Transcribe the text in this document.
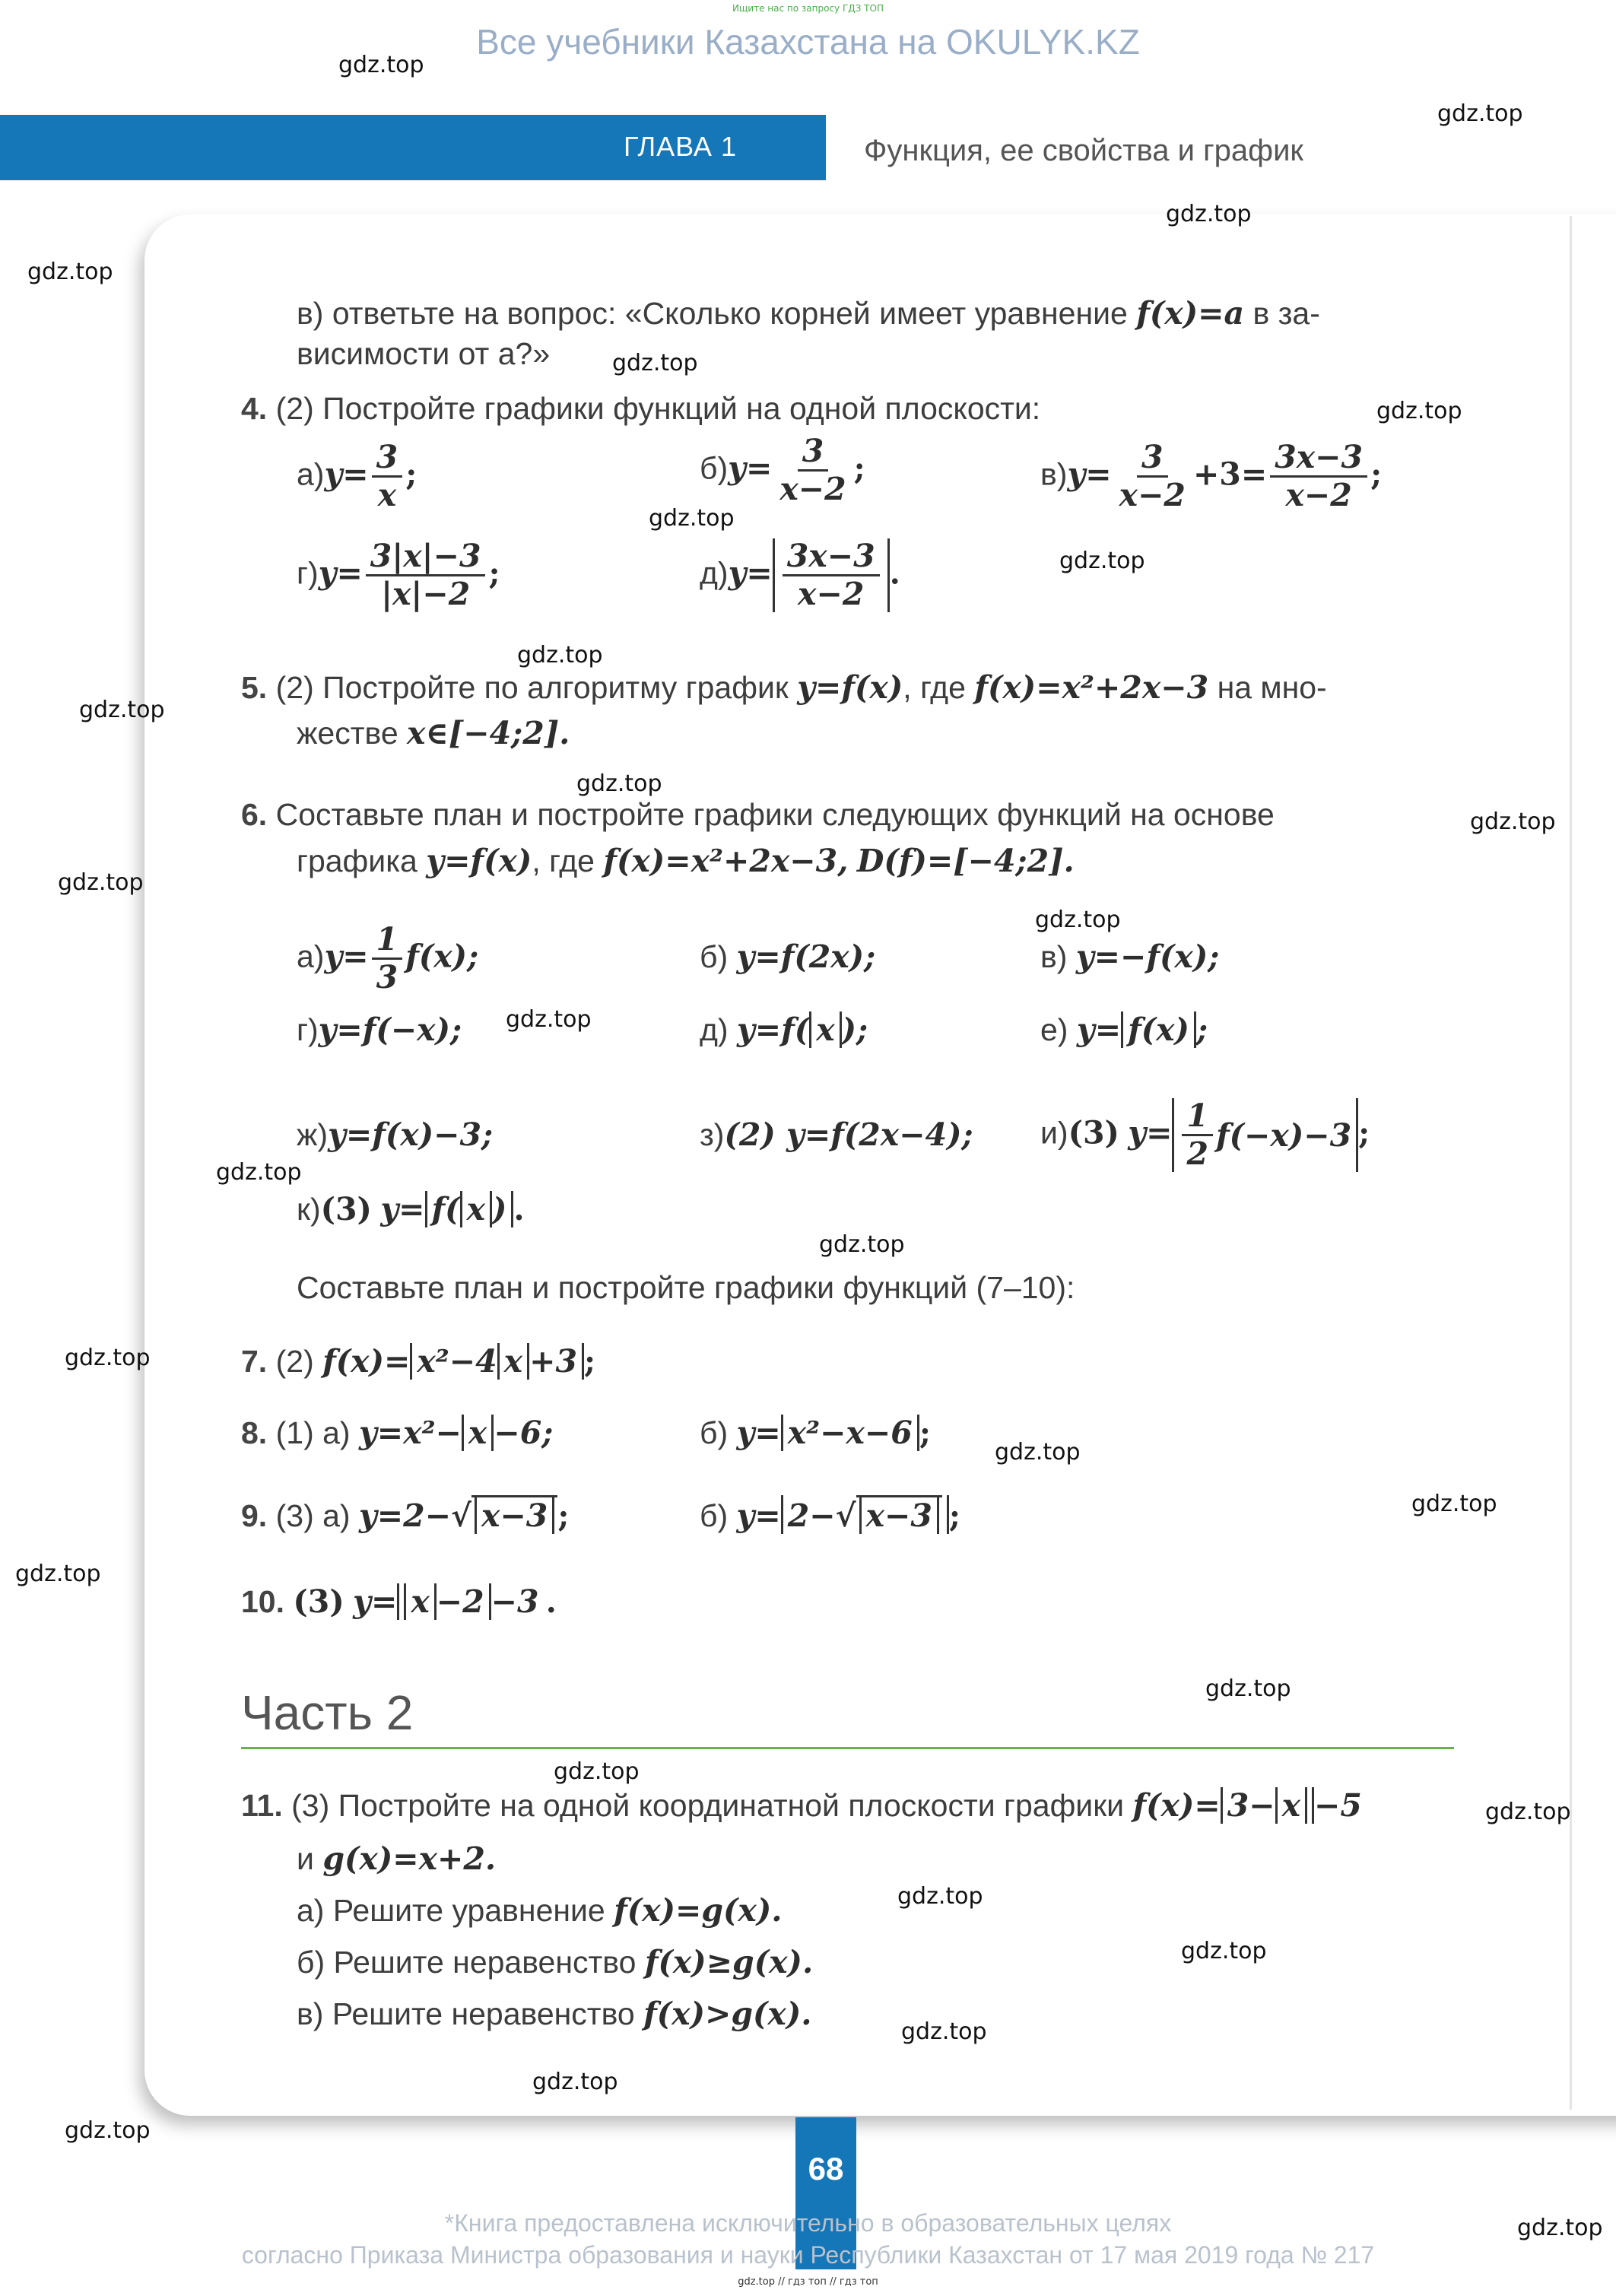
Ищите нас по запросу ГДЗ ТОП
Все учебники Казахстана на OKULYK.KZ
ГЛАВА 1	Функция, ее свойства и график
gdz.top
gdz.top
gdz.top
gdz.top
gdz.top
gdz.top
gdz.top
gdz.top
gdz.top
gdz.top
gdz.top
gdz.top
gdz.top
gdz.top
gdz.top
gdz.top
gdz.top
gdz.top
gdz.top
gdz.top
gdz.top
gdz.top
gdz.top
gdz.top
gdz.top
gdz.top
gdz.top
gdz.top
gdz.top
gdz.top
в) ответьте на вопрос: «Сколько корней имеет уравнение f(x)=a в за-
висимости от a?»
4. (2) Постройте графики функций на одной плоскости:
$а)y= \frac{3}{x}$ ;	$б)y= \frac{3}{x-2}$ ;	$в)y= \frac{3}{x-2} +3= \frac{3x-3}{x-2}$ ;
$г)y= \frac{3|x|-3}{|x|-2}$ ;	$д)y= \frac{3x-3}{x-2}$ .
5. (2) Постройте по алгоритму график y=f(x), где f(x)=x²+2x−3 на мно-
жестве x∈[−4;2].
6. Составьте план и постройте графики следующих функций на основе
графика y=f(x), где f(x)=x²+2x−3, D(f)=[−4;2].
$а)y= \frac{1}{3} f(x)$;	б) y=f(2x);	в) y=−f(x);
г)y=f(−x);	д) y=f( x );	е) y= f(x) ;
ж)y=f(x)−3;	з)(2) y=f(2x−4); и)(3) $y= \frac{1}{2} f(-x)-3$ ;
к)(3) y= f( x ) .
Составьте план и постройте графики функций (7–10):
7. (2) f(x)= x²−4 x +3 ;
8. (1) а) y=x²− x −6;	б) y= x²−x−6 ;
9. (3) а) y=2−√ x−3 ;	б) y= 2−√ x−3 ;
10. (3) y= x −2 −3 .
Часть 2
11. (3) Постройте на одной координатной плоскости графики f(x)= 3− x −5
и g(x)=x+2.
а) Решите уравнение f(x)=g(x).
б) Решите неравенство f(x)≥g(x).
в) Решите неравенство f(x)>g(x).
68
*Книга предоставлена исключительно в образовательных целях
согласно Приказа Министра образования и науки Республики Казахстан от 17 мая 2019 года № 217
gdz.top // гдз топ // гдз топ
